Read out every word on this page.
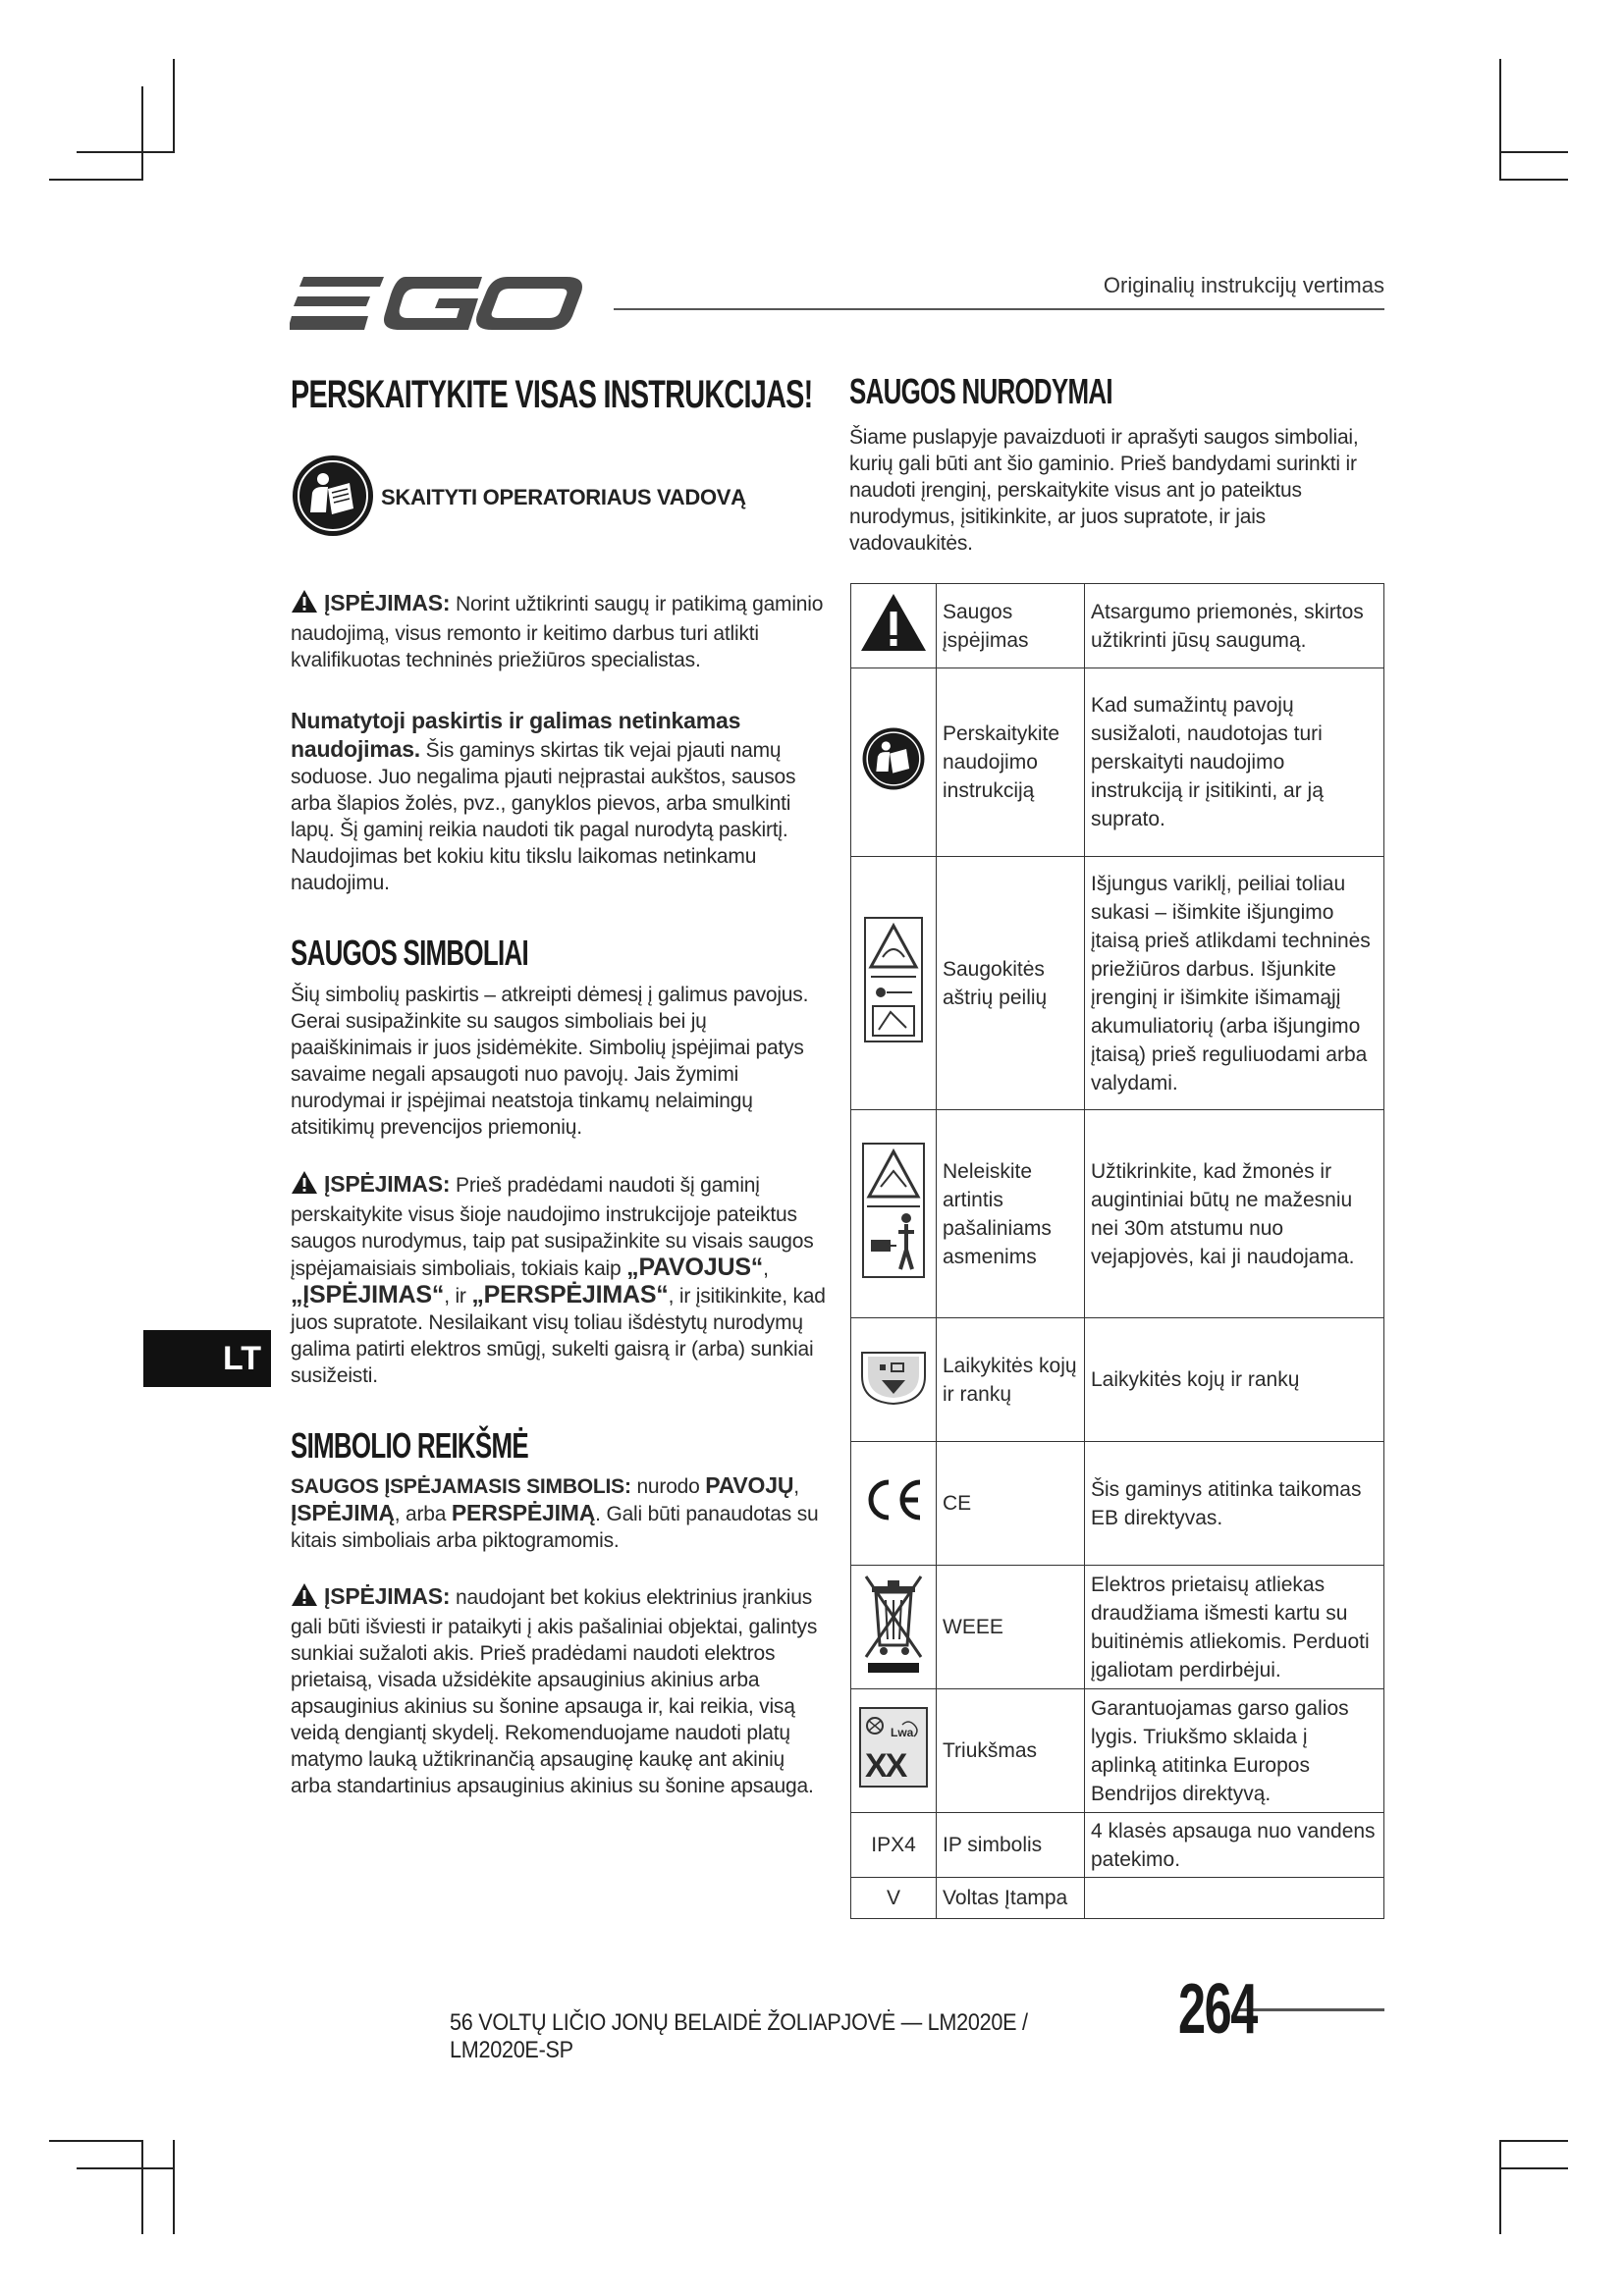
Originalių instrukcijų vertimas
PERSKAITYKITE VISAS INSTRUKCIJAS!
SKAITYTI OPERATORIAUS VADOVĄ
ĮSPĖJIMAS: Norint užtikrinti saugų ir patikimą gaminio naudojimą, visus remonto ir keitimo darbus turi atlikti kvalifikuotas techninės priežiūros specialistas.
Numatytoji paskirtis ir galimas netinkamas naudojimas. Šis gaminys skirtas tik vejai pjauti namų soduose. Juo negalima pjauti neįprastai aukštos, sausos arba šlapios žolės, pvz., ganyklos pievos, arba smulkinti lapų. Šį gaminį reikia naudoti tik pagal nurodytą paskirtį. Naudojimas bet kokiu kitu tikslu laikomas netinkamu naudojimu.
SAUGOS SIMBOLIAI
Šių simbolių paskirtis – atkreipti dėmesį į galimus pavojus. Gerai susipažinkite su saugos simboliais bei jų paaiškinimais ir juos įsidėmėkite. Simbolių įspėjimai patys savaime negali apsaugoti nuo pavojų. Jais žymimi nurodymai ir įspėjimai neatstoja tinkamų nelaimingų atsitikimų prevencijos priemonių.
ĮSPĖJIMAS: Prieš pradėdami naudoti šį gaminį perskaitykite visus šioje naudojimo instrukcijoje pateiktus saugos nurodymus, taip pat susipažinkite su visais saugos įspėjamaisiais simboliais, tokiais kaip „PAVOJUS“, „ĮSPĖJIMAS“, ir „PERSPĖJIMAS“, ir įsitikinkite, kad juos supratote. Nesilaikant visų toliau išdėstytų nurodymų galima patirti elektros smūgį, sukelti gaisrą ir (arba) sunkiai susižeisti.
SIMBOLIO REIKŠMĖ
SAUGOS ĮSPĖJAMASIS SIMBOLIS: nurodo PAVOJŲ, ĮSPĖJIMĄ, arba PERSPĖJIMĄ. Gali būti panaudotas su kitais simboliais arba piktogramomis.
ĮSPĖJIMAS: naudojant bet kokius elektrinius įrankius gali būti išviesti ir pataikyti į akis pašaliniai objektai, galintys sunkiai sužaloti akis. Prieš pradėdami naudoti elektros prietaisą, visada užsidėkite apsauginius akinius arba apsauginius akinius su šonine apsauga ir, kai reikia, visą veidą dengiantį skydelį. Rekomenduojame naudoti platų matymo lauką užtikrinančią apsauginę kaukę ant akinių arba standartinius apsauginius akinius su šonine apsauga.
SAUGOS NURODYMAI
Šiame puslapyje pavaizduoti ir aprašyti saugos simboliai, kurių gali būti ant šio gaminio. Prieš bandydami surinkti ir naudoti įrenginį, perskaitykite visus ant jo pateiktus nurodymus, įsitikinkite, ar juos supratote, ir jais vadovaukitės.
	Saugos įspėjimas	Atsargumo priemonės, skirtos užtikrinti jūsų saugumą.
	Perskaitykite naudojimo instrukciją	Kad sumažintų pavojų susižaloti, naudotojas turi perskaityti naudojimo instrukciją ir įsitikinti, ar ją suprato.
	Saugokitės aštrių peilių	Išjungus variklį, peiliai toliau sukasi – išimkite išjungimo įtaisą prieš atlikdami techninės priežiūros darbus. Išjunkite įrenginį ir išimkite išimamąjį akumuliatorių (arba išjungimo įtaisą) prieš reguliuodami arba valydami.
	Neleiskite artintis pašaliniams asmenims	Užtikrinkite, kad žmonės ir augintiniai būtų ne mažesniu nei 30m atstumu nuo vejapjovės, kai ji naudojama.
	Laikykitės kojų ir rankų	Laikykitės kojų ir rankų
	CE	Šis gaminys atitinka taikomas EB direktyvas.
	WEEE	Elektros prietaisų atliekas draudžiama išmesti kartu su buitinėmis atliekomis. Perduoti įgaliotam perdirbėjui.

Lwa
XX	Triukšmas	Garantuojamas garso galios lygis. Triukšmo sklaida į aplinką atitinka Europos Bendrijos direktyvą.
IPX4	IP simbolis	4 klasės apsauga nuo vandens patekimo.
V	Voltas Įtampa	
LT
56 VOLTŲ LIČIO JONŲ BELAIDĖ ŽOLIAPJOVĖ — LM2020E / LM2020E-SP
264
